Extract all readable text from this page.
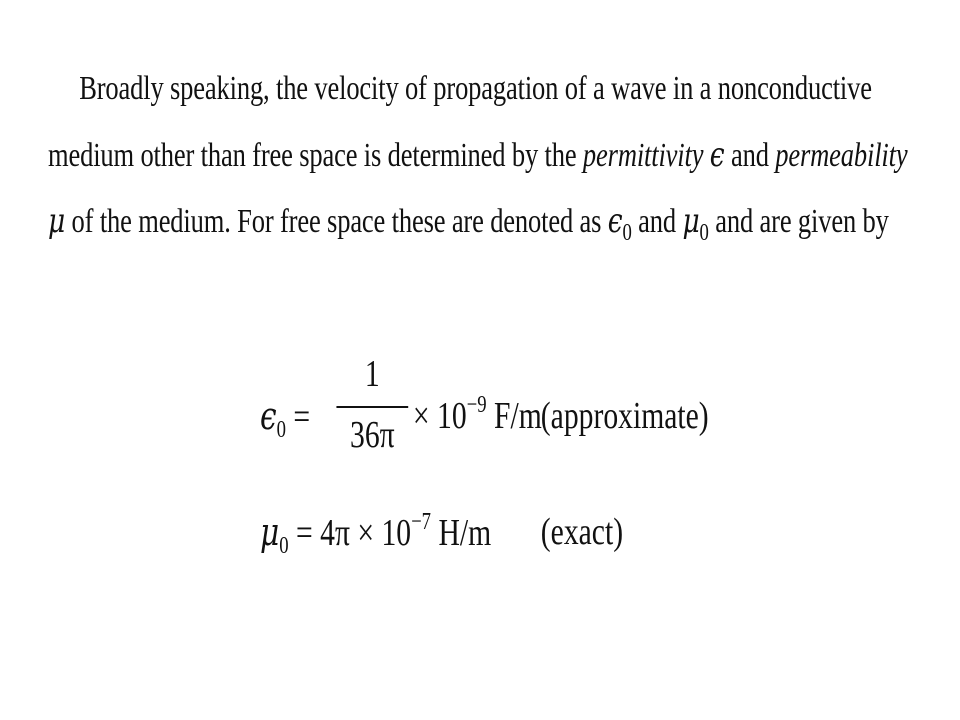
Broadly speaking, the velocity of propagation of a wave in a nonconductive
medium other than free space is determined by the permittivity ϵ and permeability
μ of the medium. For free space these are denoted as $\epsilon_0$ and $\mu_0$ and are given by
$\epsilon_0$ =
1
$36\pi \times 10^{-9}$ F/m (approximate)
$\mu_0 = 4\pi \times 10^{-7}$ H/m (exact)
